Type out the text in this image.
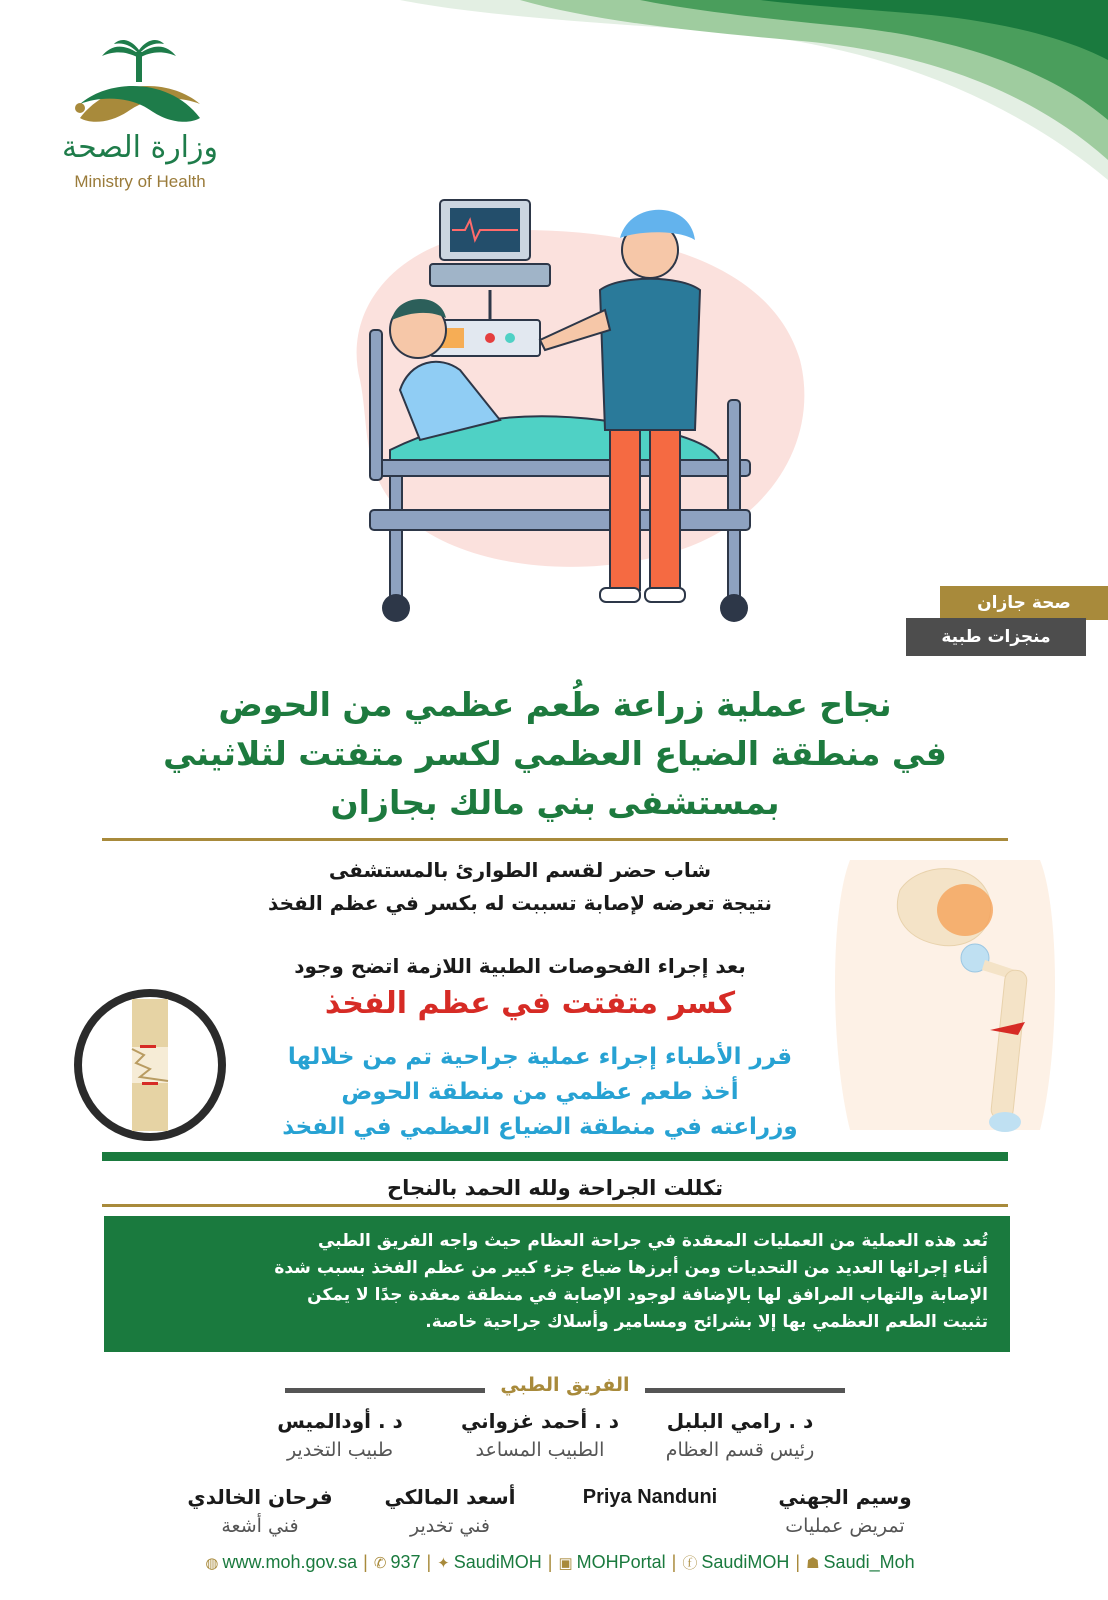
وزارة الصحة
Ministry of Health
صحة جازان
منجزات طبية
نجاح عملية زراعة طُعم عظمي من الحوض
في منطقة الضياع العظمي لكسر متفتت لثلاثيني
بمستشفى بني مالك بجازان
شاب حضر لقسم الطوارئ بالمستشفى
نتيجة تعرضه لإصابة تسببت له بكسر في عظم الفخذ
بعد إجراء الفحوصات الطبية اللازمة اتضح وجود
كسر متفتت في عظم الفخذ
قرر الأطباء إجراء عملية جراحية تم من خلالها
أخذ طعم عظمي من منطقة الحوض
وزراعته في منطقة الضياع العظمي في الفخذ
تكللت الجراحة ولله الحمد بالنجاح
تُعد هذه العملية من العمليات المعقدة في جراحة العظام حيث واجه الفريق الطبي
أثناء إجرائها العديد من التحديات ومن أبرزها ضياع جزء كبير من عظم الفخذ بسبب شدة
الإصابة والتهاب المرافق لها بالإضافة لوجود الإصابة في منطقة معقدة جدًا لا يمكن
تثبيت الطعم العظمي بها إلا بشرائح ومسامير وأسلاك جراحية خاصة.
الفريق الطبي
د . رامي البلبل
رئيس قسم العظام
د . أحمد غزواني
الطبيب المساعد
د . أودالميس
طبيب التخدير
وسيم الجهني
تمريض عمليات
Priya Nanduni
أسعد المالكي
فني تخدير
فرحان الخالدي
فني أشعة
◍ www.moh.gov.sa | ✆ 937 | ✦ SaudiMOH | ▣ MOHPortal | ⓕ SaudiMOH | ☗ Saudi_Moh
